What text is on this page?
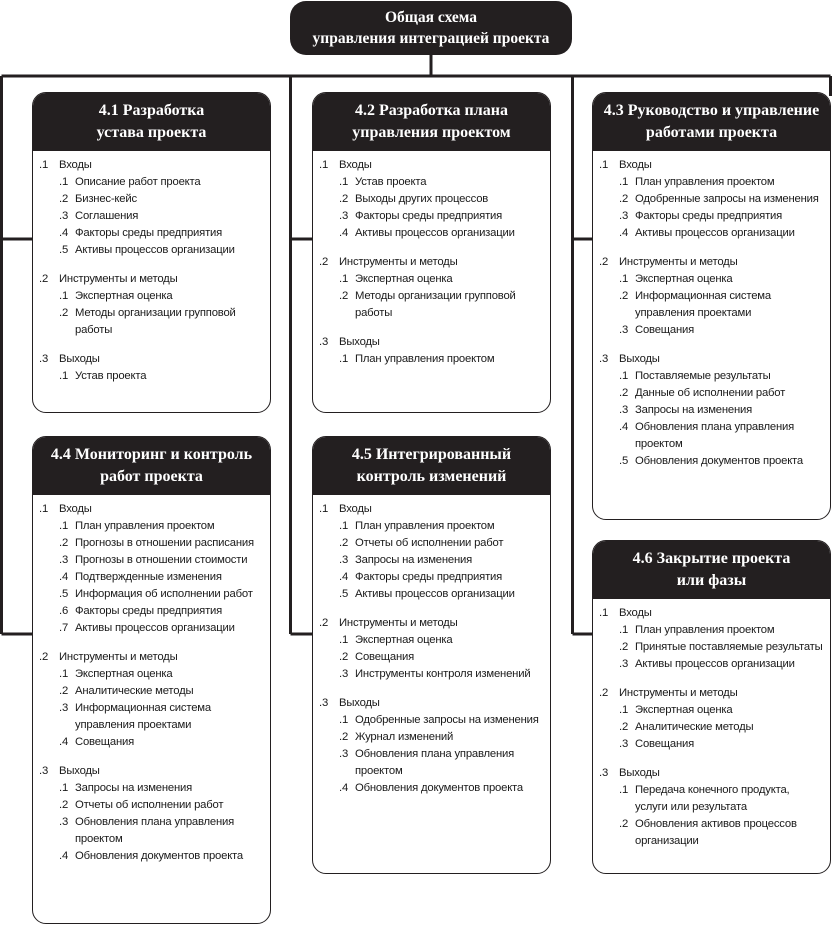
Общая схема
управления интеграцией проекта
4.1 Разработка
устава проекта
.1 Входы
.1 Описание работ проекта
.2 Бизнес-кейс
.3 Соглашения
.4 Факторы среды предприятия
.5 Активы процессов организации
.2 Инструменты и методы
.1 Экспертная оценка
.2 Методы организации групповой работы
.3 Выходы
.1 Устав проекта
4.2 Разработка плана
управления проектом
.1 Входы
.1 Устав проекта
.2 Выходы других процессов
.3 Факторы среды предприятия
.4 Активы процессов организации
.2 Инструменты и методы
.1 Экспертная оценка
.2 Методы организации групповой работы
.3 Выходы
.1 План управления проектом
4.3 Руководство и управление
работами проекта
.1 Входы
.1 План управления проектом
.2 Одобренные запросы на изменения
.3 Факторы среды предприятия
.4 Активы процессов организации
.2 Инструменты и методы
.1 Экспертная оценка
.2 Информационная система управления проектами
.3 Совещания
.3 Выходы
.1 Поставляемые результаты
.2 Данные об исполнении работ
.3 Запросы на изменения
.4 Обновления плана управления проектом
.5 Обновления документов проекта
4.4 Мониторинг и контроль
работ проекта
.1 Входы
.1 План управления проектом
.2 Прогнозы в отношении расписания
.3 Прогнозы в отношении стоимости
.4 Подтвержденные изменения
.5 Информация об исполнении работ
.6 Факторы среды предприятия
.7 Активы процессов организации
.2 Инструменты и методы
.1 Экспертная оценка
.2 Аналитические методы
.3 Информационная система управления проектами
.4 Совещания
.3 Выходы
.1 Запросы на изменения
.2 Отчеты об исполнении работ
.3 Обновления плана управления проектом
.4 Обновления документов проекта
4.5 Интегрированный
контроль изменений
.1 Входы
.1 План управления проектом
.2 Отчеты об исполнении работ
.3 Запросы на изменения
.4 Факторы среды предприятия
.5 Активы процессов организации
.2 Инструменты и методы
.1 Экспертная оценка
.2 Совещания
.3 Инструменты контроля изменений
.3 Выходы
.1 Одобренные запросы на изменения
.2 Журнал изменений
.3 Обновления плана управления проектом
.4 Обновления документов проекта
4.6 Закрытие проекта
или фазы
.1 Входы
.1 План управления проектом
.2 Принятые поставляемые результаты
.3 Активы процессов организации
.2 Инструменты и методы
.1 Экспертная оценка
.2 Аналитические методы
.3 Совещания
.3 Выходы
.1 Передача конечного продукта, услуги или результата
.2 Обновления активов процессов организации
